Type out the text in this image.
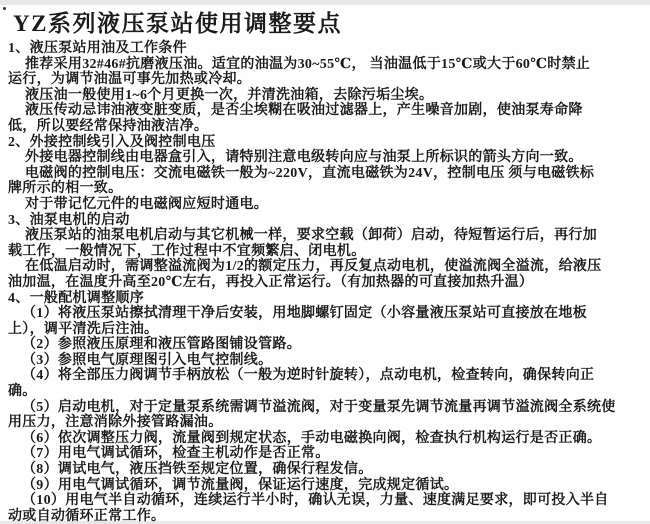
YZ系列液压泵站使用调整要点
1、液压泵站用油及工作条件
推荐采用32#46#抗磨液压油。适宜的油温为30~55℃， 当油温低于15℃或大于60℃时禁止
运行，为调节油温可事先加热或冷却。
液压油一般使用1~6个月更换一次，并清洗油箱，去除污垢尘埃。
液压传动忌讳油液变脏变质，是否尘埃糊在吸油过滤器上，产生噪音加剧，使油泵寿命降
低，所以要经常保持油液洁净。
2、外接控制线引入及阀控制电压
外接电器控制线由电器盒引入，请特别注意电级转向应与油泵上所标识的箭头方向一致。
电磁阀的控制电压：交流电磁铁一般为~220V，直流电磁铁为24V，控制电压 须与电磁铁标
牌所示的相一致。
对于带记忆元件的电磁阀应短时通电。
3、油泵电机的启动
液压泵站的油泵电机启动与其它机械一样，要求空载（卸荷）启动，待短暂运行后，再行加
载工作，一般情况下，工作过程中不宜频繁启、闭电机。
在低温启动时，需调整溢流阀为1/2的额定压力，再反复点动电机，使溢流阀全溢流，给液压
油加温，在温度升高至20℃左右，再投入正常运行。（有加热器的可直接加热升温）
4、一般配机调整顺序
（1）将液压泵站擦拭清理干净后安装，用地脚螺钉固定（小容量液压泵站可直接放在地板
上），调平清洗后注油。
（2）参照液压原理和液压管路图铺设管路。
（3）参照电气原理图引入电气控制线。
（4）将全部压力阀调节手柄放松（一般为逆时针旋转），点动电机，检查转向，确保转向正
确。
（5）启动电机，对于定量泵系统需调节溢流阀，对于变量泵先调节流量再调节溢流阀全系统使
用压力，注意消除外接管路漏油。
（6）依次调整压力阀，流量阀到规定状态，手动电磁换向阀，检查执行机构运行是否正确。
（7）用电气调试循环，检查主机动作是否正常。
（8）调试电气，液压挡铁至规定位置，确保行程发信。
（9）用电气调试循环，调节流量阀，保证运行速度，完成规定循试。
（10）用电气半自动循环，连续运行半小时，确认无误，力量、速度满足要求，即可投入半自
动或自动循环正常工作。
